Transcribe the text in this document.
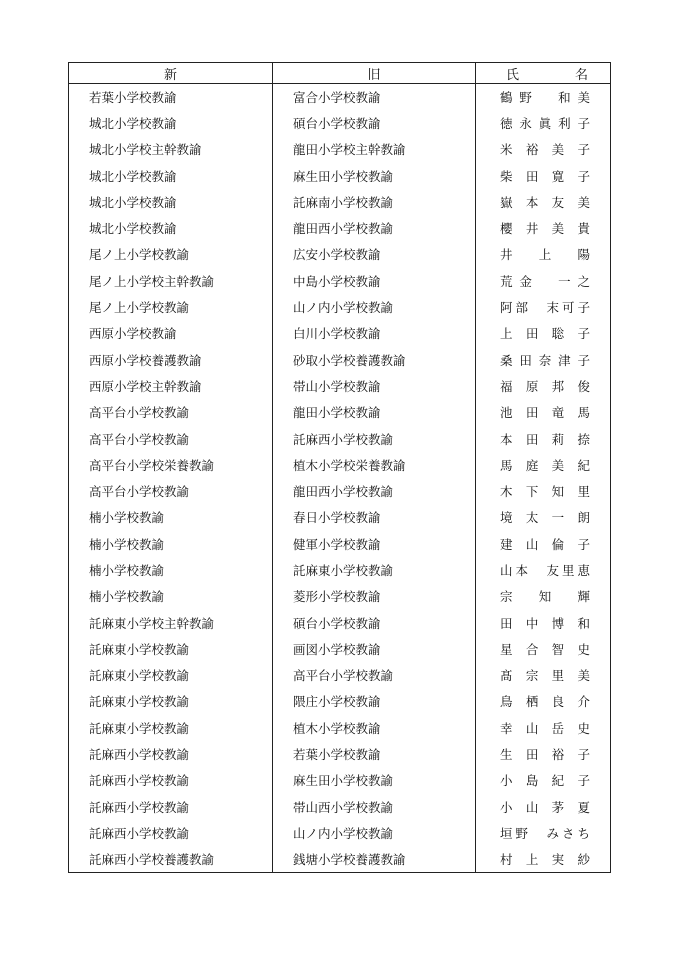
新	旧	氏　　　　名
若葉小学校教諭	富合小学校教諭	鶴野　和美

城北小学校教諭	碩台小学校教諭	徳永眞利子

城北小学校主幹教諭	龍田小学校主幹教諭	米裕美子

城北小学校教諭	麻生田小学校教諭	柴田寛子

城北小学校教諭	託麻南小学校教諭	嶽本友美

城北小学校教諭	龍田西小学校教諭	櫻井美貴

尾ノ上小学校教諭	広安小学校教諭	井　上　陽

尾ノ上小学校主幹教諭	中島小学校教諭	荒金　一之

尾ノ上小学校教諭	山ノ内小学校教諭	阿部　末可子

西原小学校教諭	白川小学校教諭	上田聡子

西原小学校養護教諭	砂取小学校養護教諭	桑田奈津子

西原小学校主幹教諭	帯山小学校教諭	福原邦俊

高平台小学校教諭	龍田小学校教諭	池田竜馬

高平台小学校教諭	託麻西小学校教諭	本田莉捺

高平台小学校栄養教諭	植木小学校栄養教諭	馬庭美紀

高平台小学校教諭	龍田西小学校教諭	木下知里

楠小学校教諭	春日小学校教諭	境太一朗

楠小学校教諭	健軍小学校教諭	建山倫子

楠小学校教諭	託麻東小学校教諭	山本　友里恵

楠小学校教諭	菱形小学校教諭	宗　知　輝

託麻東小学校主幹教諭	碩台小学校教諭	田中博和

託麻東小学校教諭	画図小学校教諭	星合智史

託麻東小学校教諭	高平台小学校教諭	髙宗里美

託麻東小学校教諭	隈庄小学校教諭	鳥栖良介

託麻東小学校教諭	植木小学校教諭	幸山岳史

託麻西小学校教諭	若葉小学校教諭	生田裕子

託麻西小学校教諭	麻生田小学校教諭	小島紀子

託麻西小学校教諭	帯山西小学校教諭	小山茅夏

託麻西小学校教諭	山ノ内小学校教諭	垣野　みさち

託麻西小学校養護教諭	銭塘小学校養護教諭	村上実紗
